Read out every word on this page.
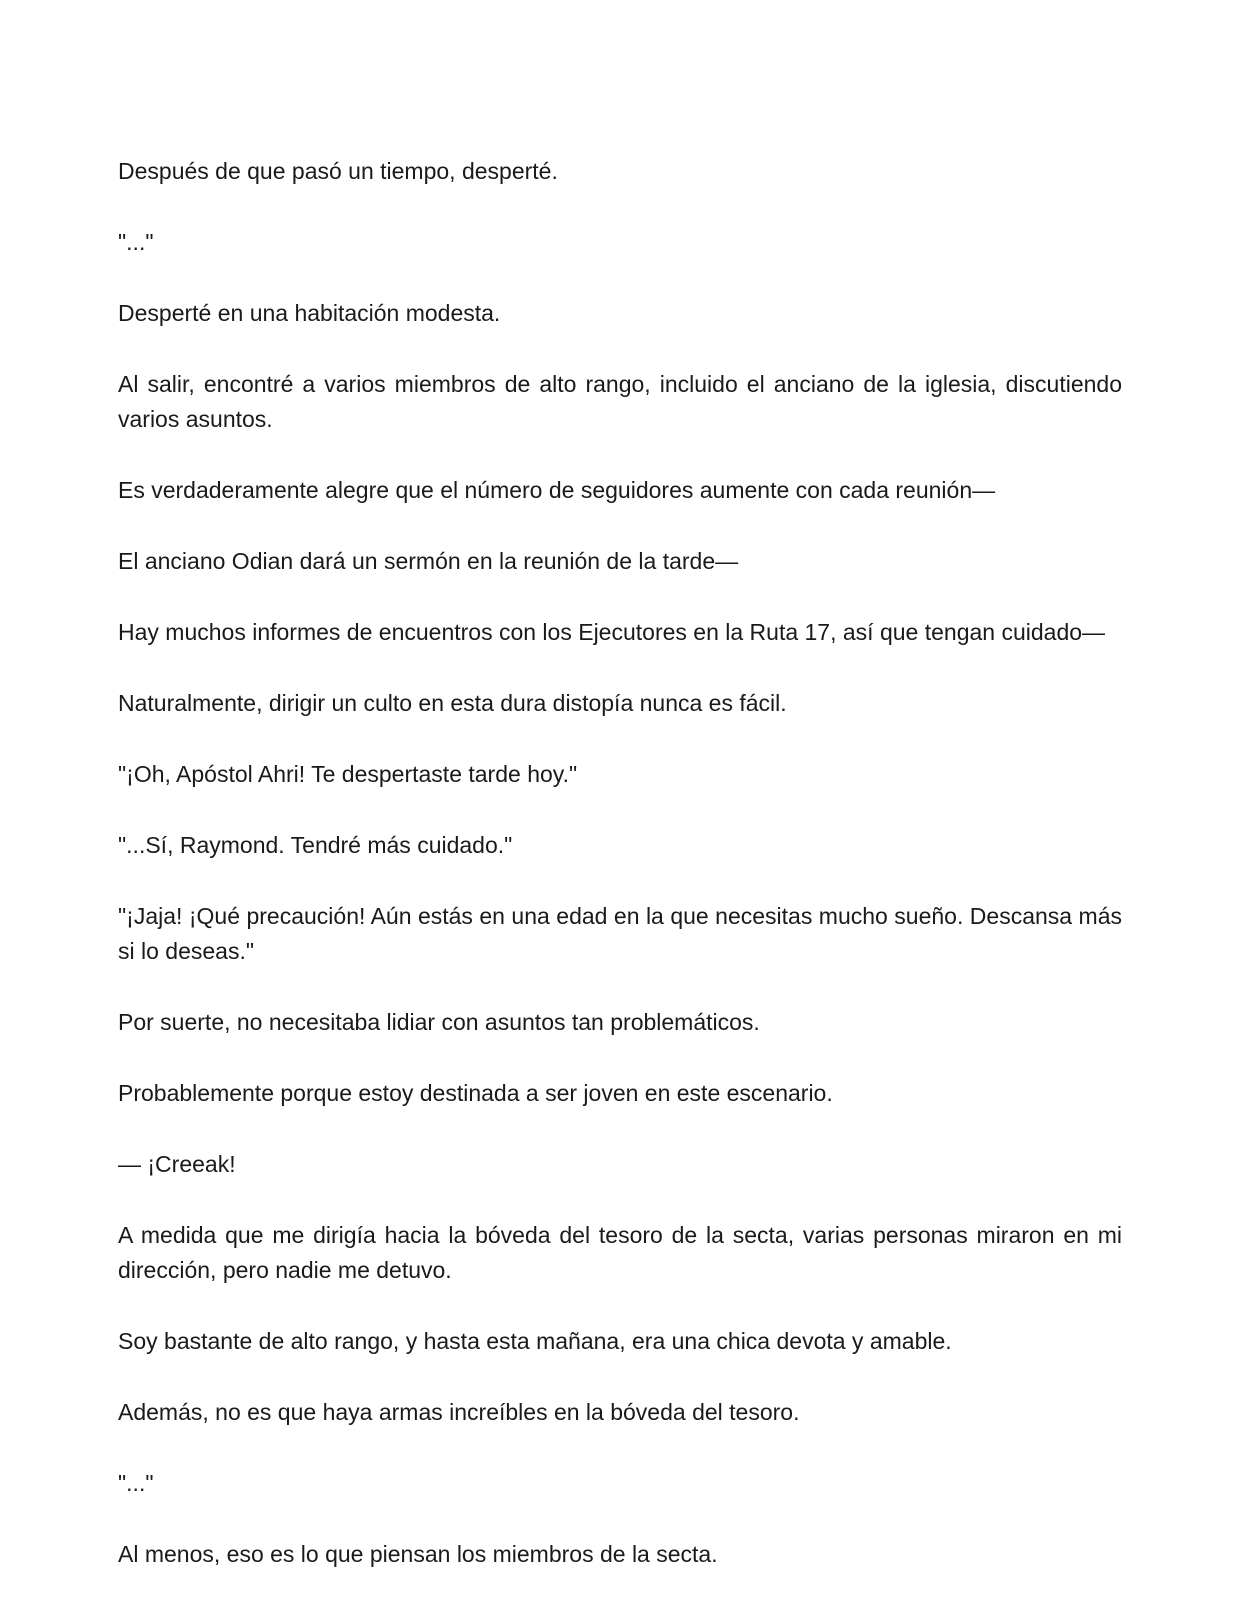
Después de que pasó un tiempo, desperté.

"..."

Desperté en una habitación modesta.

Al salir, encontré a varios miembros de alto rango, incluido el anciano de la iglesia, discutiendo varios asuntos.

Es verdaderamente alegre que el número de seguidores aumente con cada reunión—

El anciano Odian dará un sermón en la reunión de la tarde—

Hay muchos informes de encuentros con los Ejecutores en la Ruta 17, así que tengan cuidado—

Naturalmente, dirigir un culto en esta dura distopía nunca es fácil.

"¡Oh, Apóstol Ahri! Te despertaste tarde hoy."

"...Sí, Raymond. Tendré más cuidado."

"¡Jaja! ¡Qué precaución! Aún estás en una edad en la que necesitas mucho sueño. Descansa más si lo deseas."

Por suerte, no necesitaba lidiar con asuntos tan problemáticos.

Probablemente porque estoy destinada a ser joven en este escenario.

— ¡Creeak!

A medida que me dirigía hacia la bóveda del tesoro de la secta, varias personas miraron en mi dirección, pero nadie me detuvo.

Soy bastante de alto rango, y hasta esta mañana, era una chica devota y amable.

Además, no es que haya armas increíbles en la bóveda del tesoro.

"..."

Al menos, eso es lo que piensan los miembros de la secta.
